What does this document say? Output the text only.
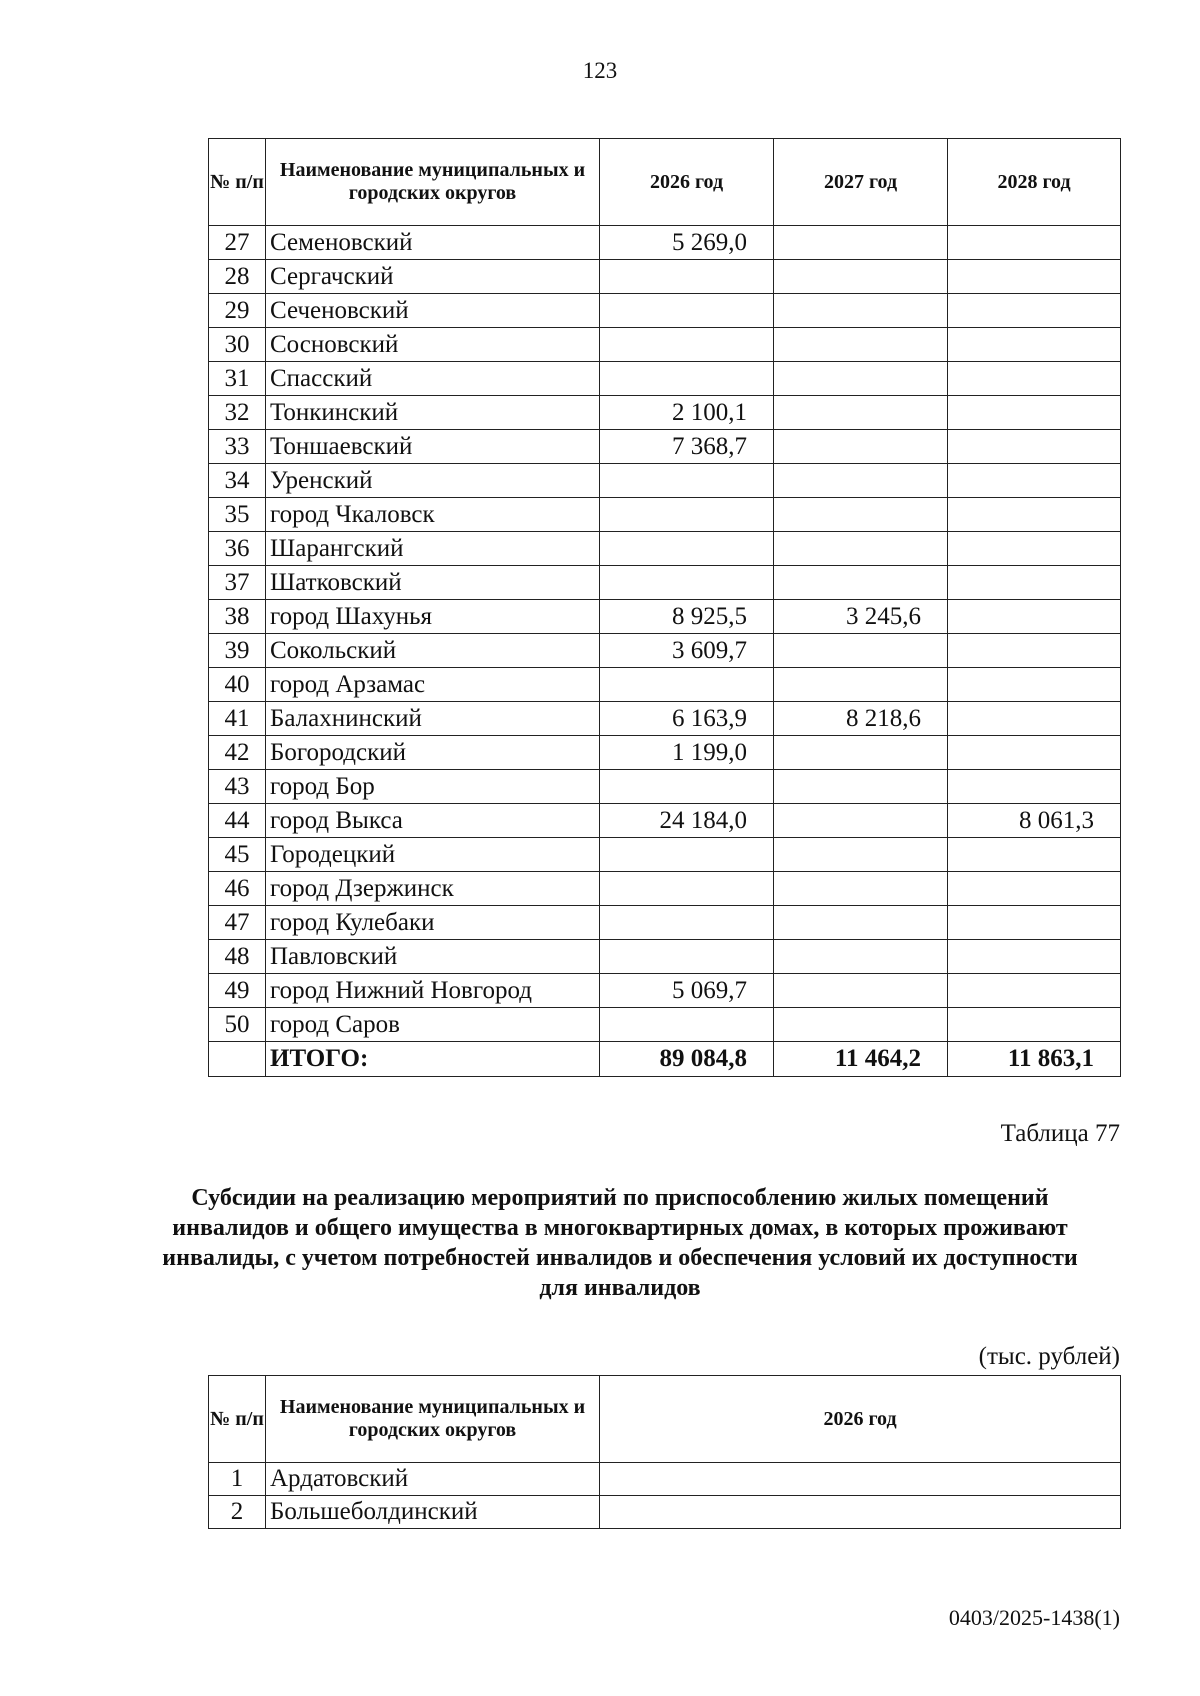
123
№ п/п	Наименование муниципальных и городских округов	2026 год	2027 год	2028 год
27	Семеновский	5 269,0		
28	Сергачский			
29	Сеченовский			
30	Сосновский			
31	Спасский			
32	Тонкинский	2 100,1		
33	Тоншаевский	7 368,7		
34	Уренский			
35	город Чкаловск			
36	Шарангский			
37	Шатковский			
38	город Шахунья	8 925,5	3 245,6	
39	Сокольский	3 609,7		
40	город Арзамас			
41	Балахнинский	6 163,9	8 218,6	
42	Богородский	1 199,0		
43	город Бор			
44	город Выкса	24 184,0		8 061,3
45	Городецкий			
46	город Дзержинск			
47	город Кулебаки			
48	Павловский			
49	город Нижний Новгород	5 069,7		
50	город Саров			
	ИТОГО:	89 084,8	11 464,2	11 863,1
Таблица 77
Субсидии на реализацию мероприятий по приспособлению жилых помещений инвалидов и общего имущества в многоквартирных домах, в которых проживают инвалиды, с учетом потребностей инвалидов и обеспечения условий их доступности для инвалидов
(тыс. рублей)
№ п/п	Наименование муниципальных и городских округов	2026 год
1	Ардатовский	
2	Большеболдинский	
0403/2025-1438(1)
